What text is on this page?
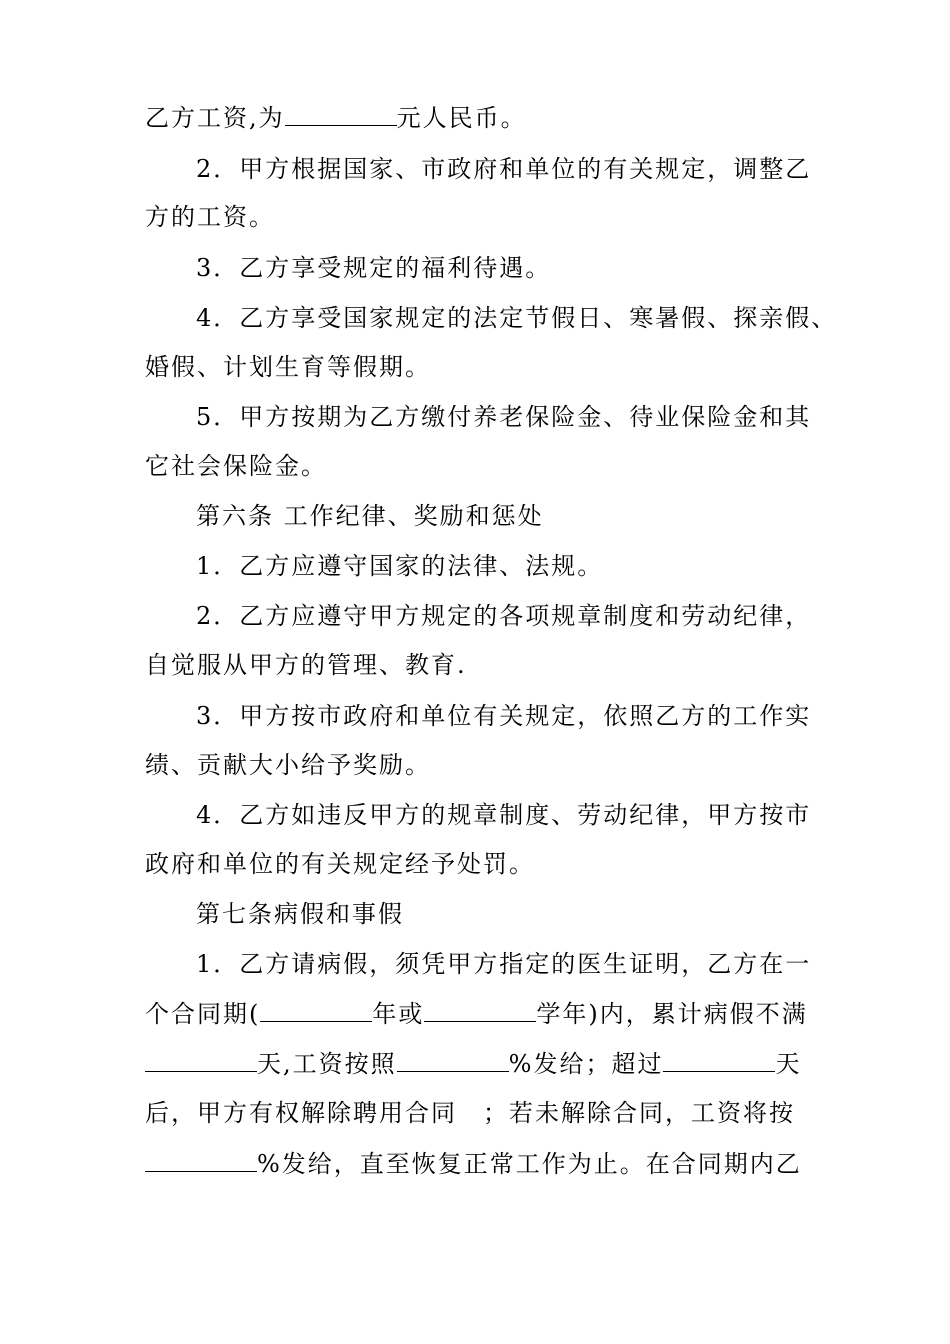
乙方工资,为	元人民币。
2．甲方根据国家、市政府和单位的有关规定，调整乙
方的工资。
3．乙方享受规定的福利待遇。
4．乙方享受国家规定的法定节假日、寒暑假、探亲假、
婚假、计划生育等假期。
5．甲方按期为乙方缴付养老保险金、待业保险金和其
它社会保险金。
第六条 工作纪律、奖励和惩处
1．乙方应遵守国家的法律、法规。
2．乙方应遵守甲方规定的各项规章制度和劳动纪律，
自觉服从甲方的管理、教育.
3．甲方按市政府和单位有关规定，依照乙方的工作实
绩、贡献大小给予奖励。
4．乙方如违反甲方的规章制度、劳动纪律，甲方按市
政府和单位的有关规定经予处罚。
第七条病假和事假
1．乙方请病假，须凭甲方指定的医生证明，乙方在一
个合同期(	年或	学年)内，累计病假不满
天,工资按照	%发给；超过	天
后，甲方有权解除聘用合同　；若未解除合同，工资将按
%发给，直至恢复正常工作为止。在合同期内乙
